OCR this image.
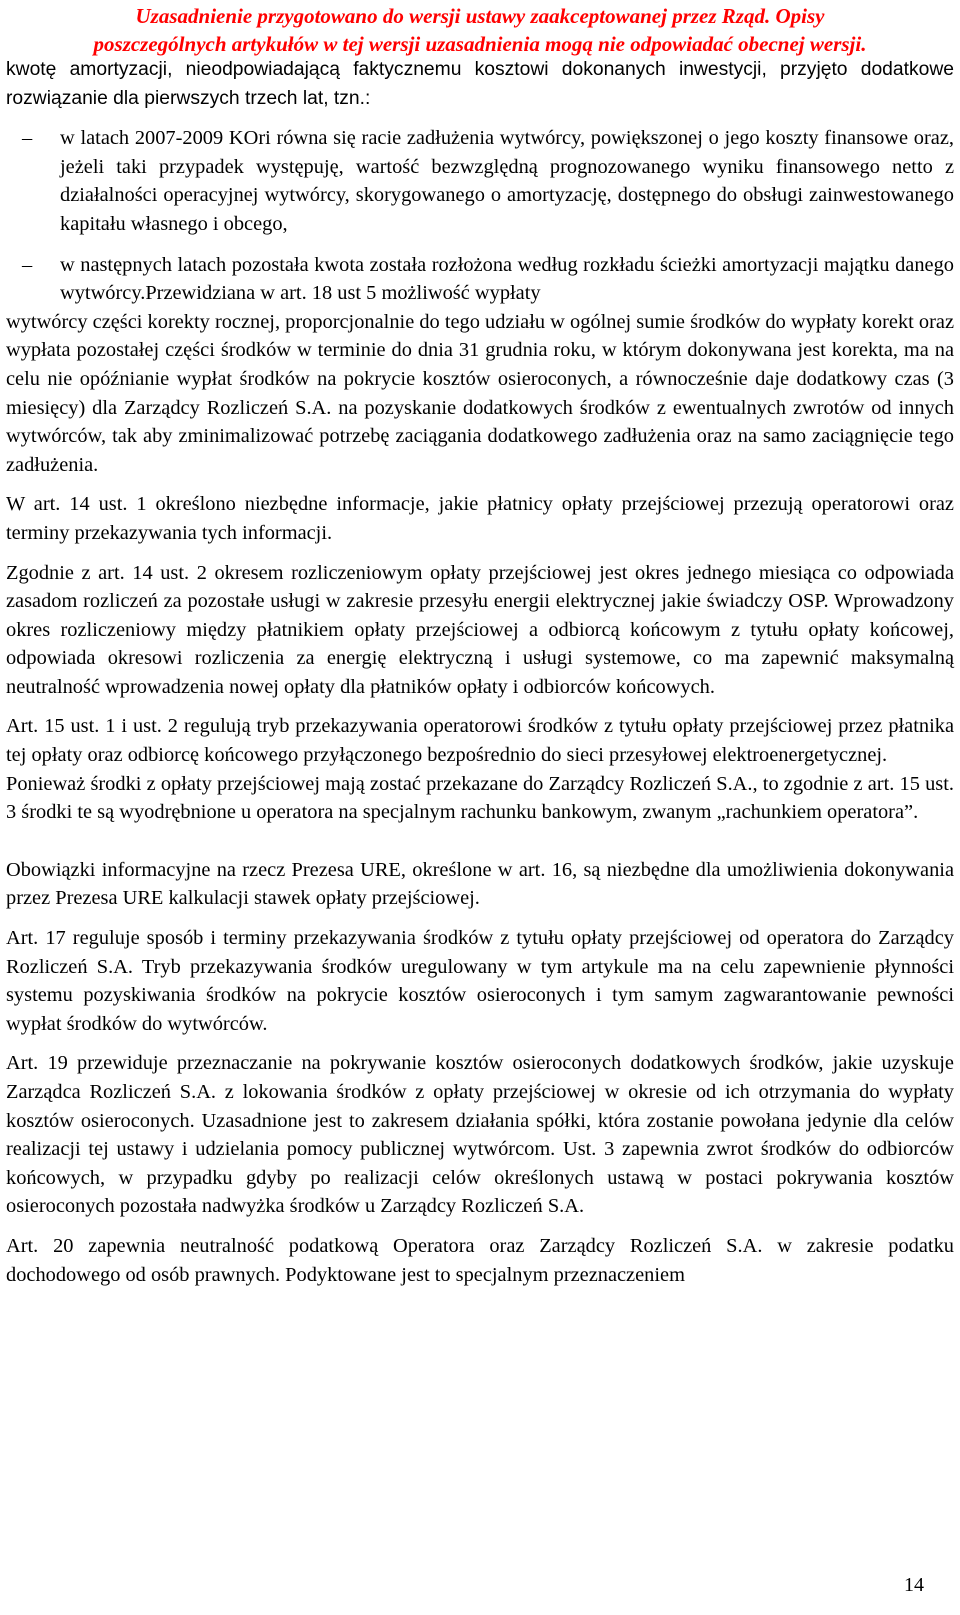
Uzasadnienie przygotowano do wersji ustawy zaakceptowanej przez Rząd. Opisy
poszczególnych artykułów w tej wersji uzasadnienia mogą nie odpowiadać obecnej wersji.

kwotę amortyzacji, nieodpowiadającą faktycznemu kosztowi dokonanych inwestycji, przyjęto dodatkowe rozwiązanie dla pierwszych trzech lat, tzn.:

– w latach 2007-2009 KOri równa się racie zadłużenia wytwórcy, powiększonej o jego koszty finansowe oraz, jeżeli taki przypadek występuję, wartość bezwzględną prognozowanego wyniku finansowego netto z działalności operacyjnej wytwórcy, skorygowanego o amortyzację, dostępnego do obsługi zainwestowanego kapitału własnego i obcego,
– w następnych latach pozostała kwota została rozłożona według rozkładu ścieżki amortyzacji majątku danego wytwórcy.Przewidziana w art. 18 ust 5 możliwość wypłaty

wytwórcy części korekty rocznej, proporcjonalnie do tego udziału w ogólnej sumie środków do wypłaty korekt oraz wypłata pozostałej części środków w terminie do dnia 31 grudnia roku, w którym dokonywana jest korekta, ma na celu nie opóźnianie wypłat środków na pokrycie kosztów osieroconych, a równocześnie daje dodatkowy czas (3 miesięcy) dla Zarządcy Rozliczeń S.A. na pozyskanie dodatkowych środków z ewentualnych zwrotów od innych wytwórców, tak aby zminimalizować potrzebę zaciągania dodatkowego zadłużenia oraz na samo zaciągnięcie tego zadłużenia.

W art. 14 ust. 1 określono niezbędne informacje, jakie płatnicy opłaty przejściowej przezują operatorowi oraz terminy przekazywania tych informacji.

Zgodnie z art. 14 ust. 2 okresem rozliczeniowym opłaty przejściowej jest okres jednego miesiąca co odpowiada zasadom rozliczeń za pozostałe usługi w zakresie przesyłu energii elektrycznej jakie świadczy OSP. Wprowadzony okres rozliczeniowy między płatnikiem opłaty przejściowej a odbiorcą końcowym z tytułu opłaty końcowej, odpowiada okresowi rozliczenia za energię elektryczną i usługi systemowe, co ma zapewnić maksymalną neutralność wprowadzenia nowej opłaty dla płatników opłaty i odbiorców końcowych.

Art. 15 ust. 1 i ust. 2 regulują tryb przekazywania operatorowi środków z tytułu opłaty przejściowej przez płatnika tej opłaty oraz odbiorcę końcowego przyłączonego bezpośrednio do sieci przesyłowej elektroenergetycznej.

Ponieważ środki z opłaty przejściowej mają zostać przekazane do Zarządcy Rozliczeń S.A., to zgodnie z art. 15 ust. 3 środki te są wyodrębnione u operatora na specjalnym rachunku bankowym, zwanym „rachunkiem operatora”.

Obowiązki informacyjne na rzecz Prezesa URE, określone w art. 16, są niezbędne dla umożliwienia dokonywania przez Prezesa URE kalkulacji stawek opłaty przejściowej.

Art. 17 reguluje sposób i terminy przekazywania środków z tytułu opłaty przejściowej od operatora do Zarządcy Rozliczeń S.A. Tryb przekazywania środków uregulowany w tym artykule ma na celu zapewnienie płynności systemu pozyskiwania środków na pokrycie kosztów osieroconych i tym samym zagwarantowanie pewności wypłat środków do wytwórców.

Art. 19 przewiduje przeznaczanie na pokrywanie kosztów osieroconych dodatkowych środków, jakie uzyskuje Zarządca Rozliczeń S.A. z lokowania środków z opłaty przejściowej w okresie od ich otrzymania do wypłaty kosztów osieroconych. Uzasadnione jest to zakresem działania spółki, która zostanie powołana jedynie dla celów realizacji tej ustawy i udzielania pomocy publicznej wytwórcom. Ust. 3 zapewnia zwrot środków do odbiorców końcowych, w przypadku gdyby po realizacji celów określonych ustawą w postaci pokrywania kosztów osieroconych pozostała nadwyżka środków u Zarządcy Rozliczeń S.A.

Art. 20 zapewnia neutralność podatkową Operatora oraz Zarządcy Rozliczeń S.A. w zakresie podatku dochodowego od osób prawnych. Podyktowane jest to specjalnym przeznaczeniem

14
